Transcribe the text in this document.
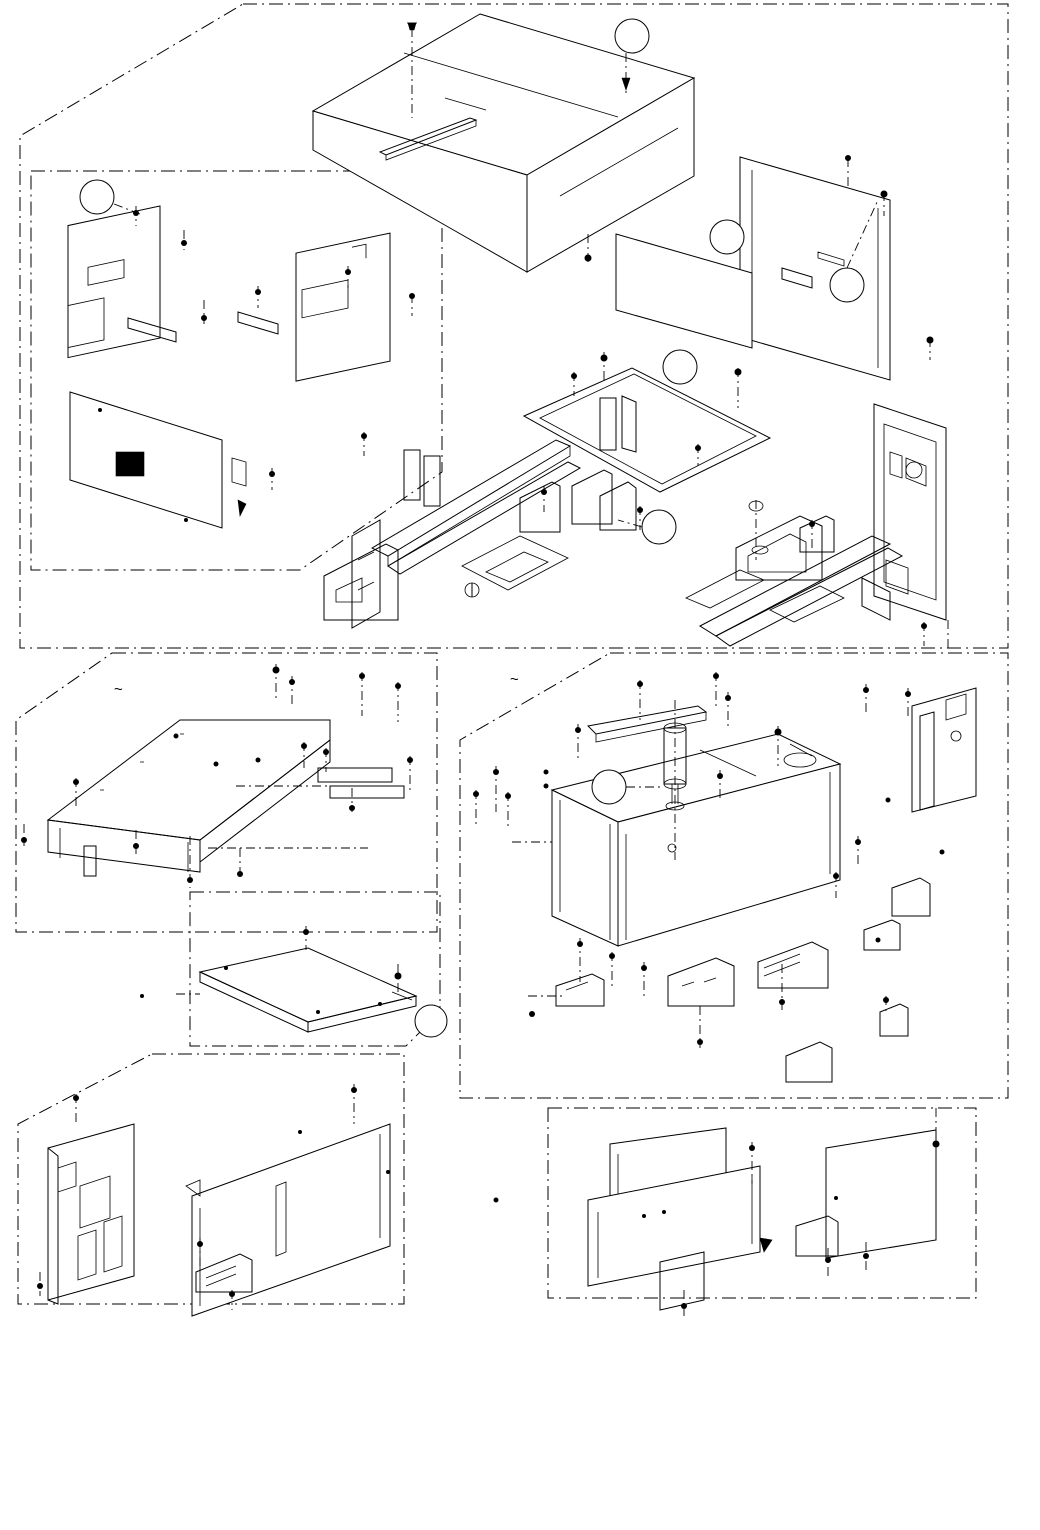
~
~
